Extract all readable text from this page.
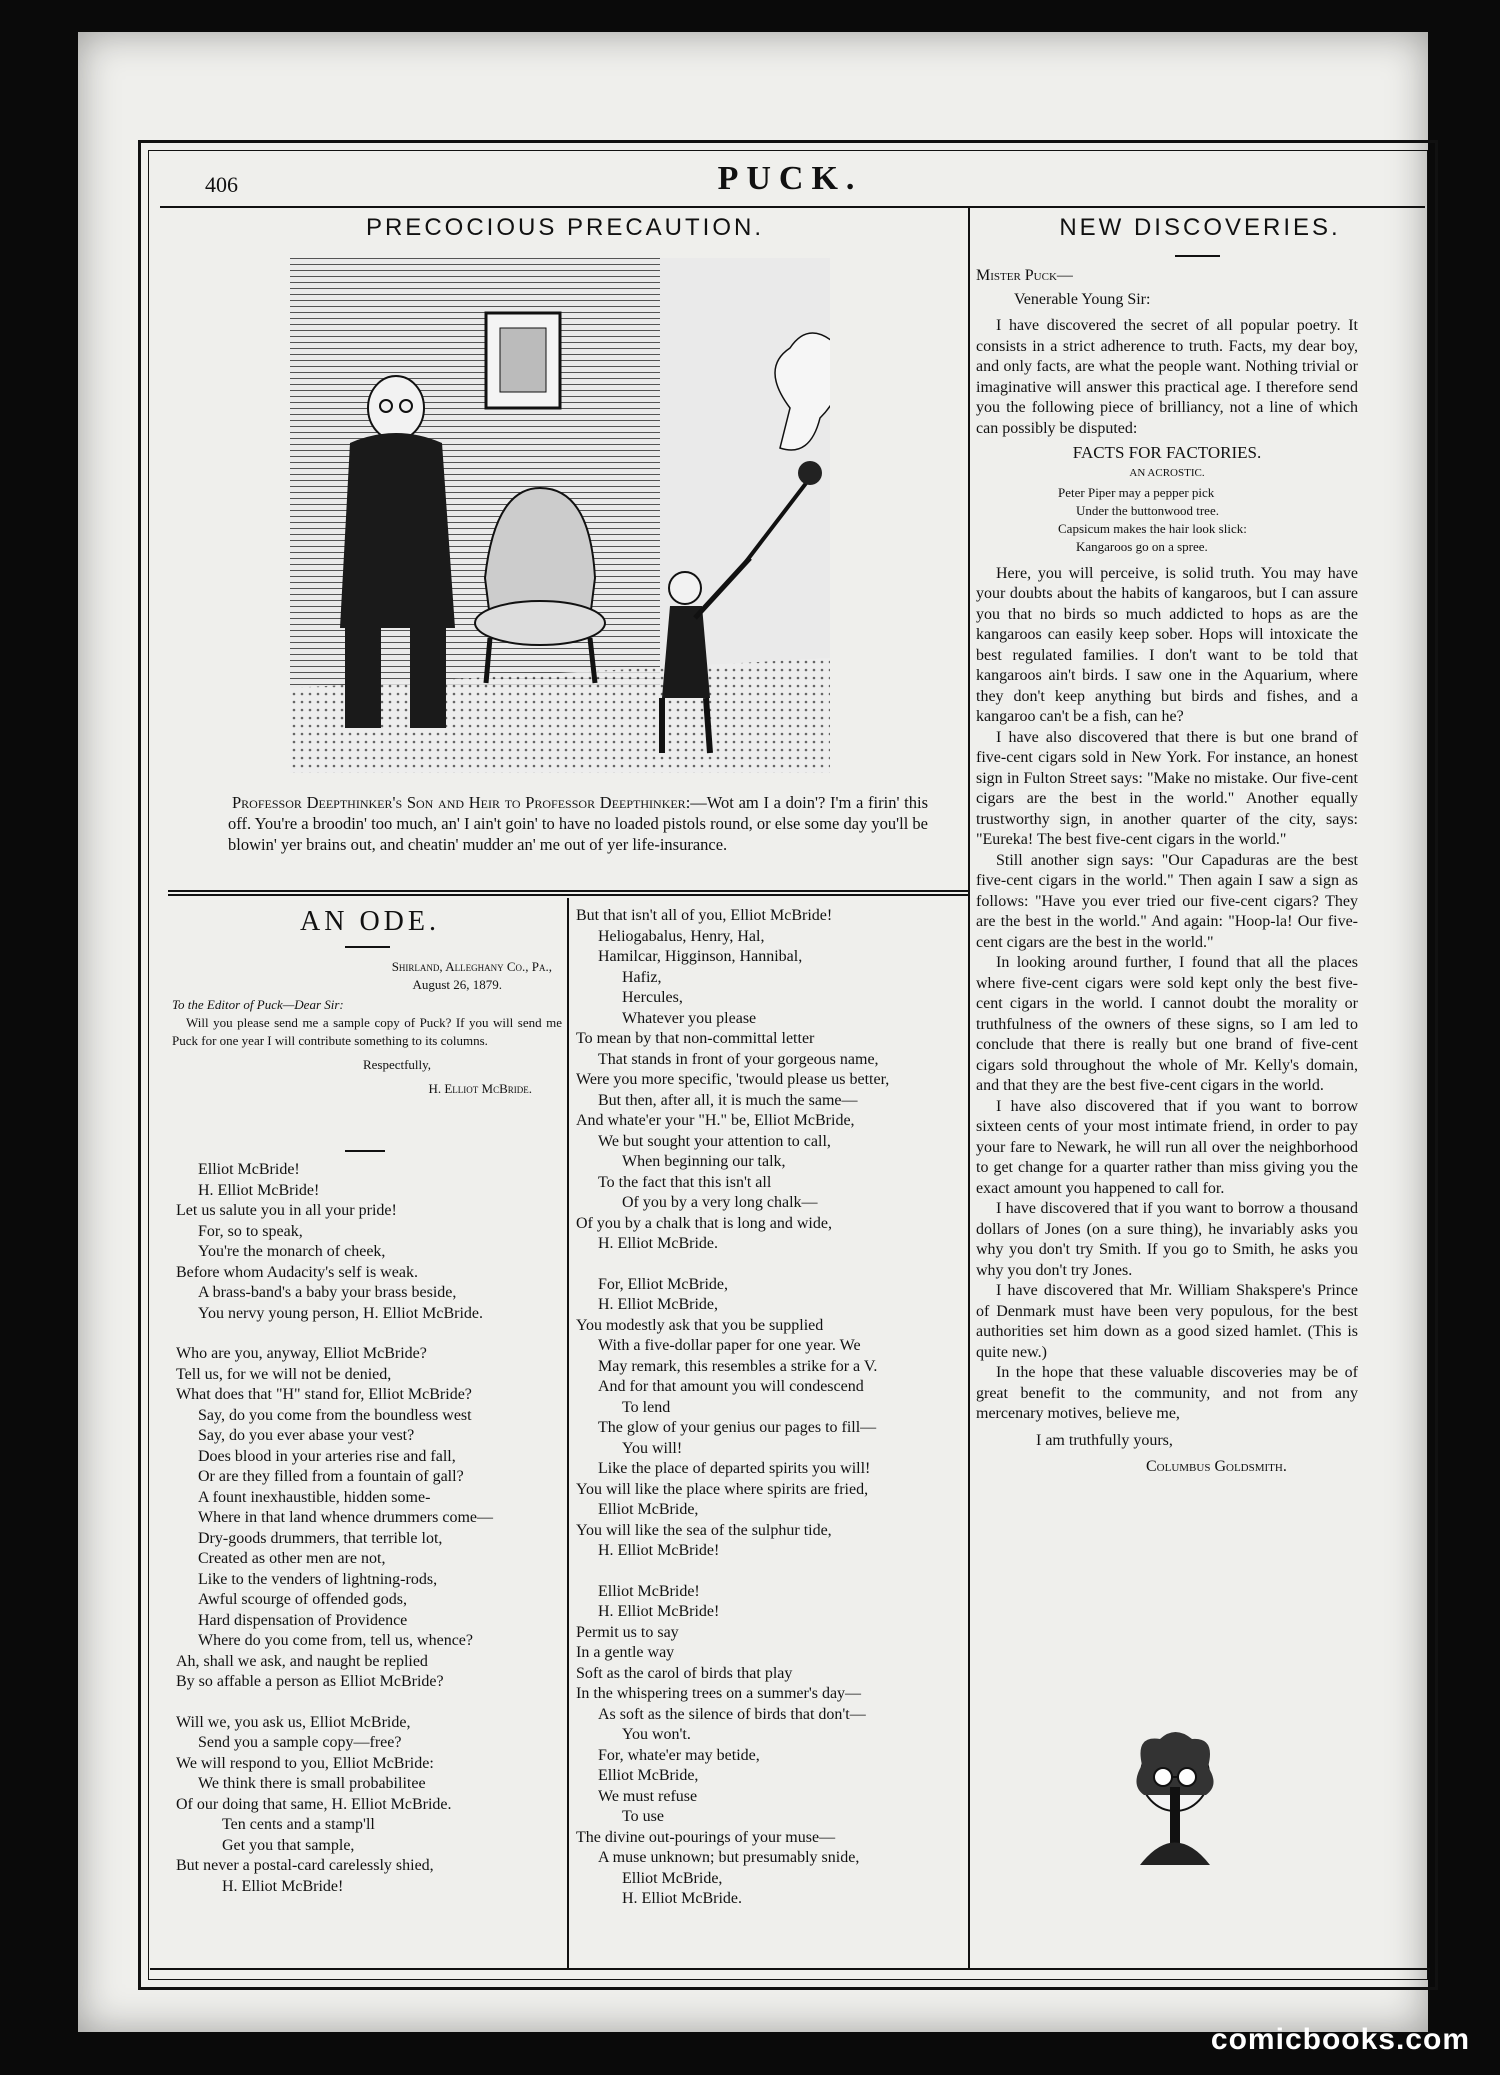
406	PUCK.
PRECOCIOUS PRECAUTION.
Professor Deepthinker's Son and Heir to Professor Deepthinker:—Wot am I a doin'? I'm a firin' this off. You're a broodin' too much, an' I ain't goin' to have no loaded pistols round, or else some day you'll be blowin' yer brains out, and cheatin' mudder an' me out of yer life-insurance.
AN ODE.

Shirland, Alleghany Co., Pa.,

August 26, 1879.

To the Editor of Puck—Dear Sir:

Will you please send me a sample copy of Puck? If you will send me Puck for one year I will contribute something to its columns.

Respectfully,

H. Elliot McBride.

Elliot McBride!

H. Elliot McBride!

Let us salute you in all your pride!

For, so to speak,

You're the monarch of cheek,

Before whom Audacity's self is weak.

A brass-band's a baby your brass beside,

You nervy young person, H. Elliot McBride.

Who are you, anyway, Elliot McBride?

Tell us, for we will not be denied,

What does that "H" stand for, Elliot McBride?

Say, do you come from the boundless west

Say, do you ever abase your vest?

Does blood in your arteries rise and fall,

Or are they filled from a fountain of gall?

A fount inexhaustible, hidden some-

Where in that land whence drummers come—

Dry-goods drummers, that terrible lot,

Created as other men are not,

Like to the venders of lightning-rods,

Awful scourge of offended gods,

Hard dispensation of Providence

Where do you come from, tell us, whence?

Ah, shall we ask, and naught be replied

By so affable a person as Elliot McBride?

Will we, you ask us, Elliot McBride,

Send you a sample copy—free?

We will respond to you, Elliot McBride:

We think there is small probabilitee

Of our doing that same, H. Elliot McBride.

Ten cents and a stamp'll

Get you that sample,

But never a postal-card carelessly shied,

H. Elliot McBride!

But that isn't all of you, Elliot McBride!

Heliogabalus, Henry, Hal,

Hamilcar, Higginson, Hannibal,

Hafiz,

Hercules,

Whatever you please

To mean by that non-committal letter

That stands in front of your gorgeous name,

Were you more specific, 'twould please us better,

But then, after all, it is much the same—

And whate'er your "H." be, Elliot McBride,

We but sought your attention to call,

When beginning our talk,

To the fact that this isn't all

Of you by a very long chalk—

Of you by a chalk that is long and wide,

H. Elliot McBride.

For, Elliot McBride,

H. Elliot McBride,

You modestly ask that you be supplied

With a five-dollar paper for one year. We

May remark, this resembles a strike for a V.

And for that amount you will condescend

To lend

The glow of your genius our pages to fill—

You will!

Like the place of departed spirits you will!

You will like the place where spirits are fried,

Elliot McBride,

You will like the sea of the sulphur tide,

H. Elliot McBride!

Elliot McBride!

H. Elliot McBride!

Permit us to say

In a gentle way

Soft as the carol of birds that play

In the whispering trees on a summer's day—

As soft as the silence of birds that don't—

You won't.

For, whate'er may betide,

Elliot McBride,

We must refuse

To use

The divine out-pourings of your muse—

A muse unknown; but presumably snide,

Elliot McBride,

H. Elliot McBride.

NEW DISCOVERIES.

Mister Puck—

Venerable Young Sir:

I have discovered the secret of all popular poetry. It consists in a strict adherence to truth. Facts, my dear boy, and only facts, are what the people want. Nothing trivial or imaginative will answer this practical age. I therefore send you the following piece of brilliancy, not a line of which can possibly be disputed:

FACTS FOR FACTORIES.

AN ACROSTIC.

Peter Piper may a pepper pick

Under the buttonwood tree.

Capsicum makes the hair look slick:

Kangaroos go on a spree.

Here, you will perceive, is solid truth. You may have your doubts about the habits of kangaroos, but I can assure you that no birds so much addicted to hops as are the kangaroos can easily keep sober. Hops will intoxicate the best regulated families. I don't want to be told that kangaroos ain't birds. I saw one in the Aquarium, where they don't keep anything but birds and fishes, and a kangaroo can't be a fish, can he?

I have also discovered that there is but one brand of five-cent cigars sold in New York. For instance, an honest sign in Fulton Street says: "Make no mistake. Our five-cent cigars are the best in the world." Another equally trustworthy sign, in another quarter of the city, says: "Eureka! The best five-cent cigars in the world."

Still another sign says: "Our Capaduras are the best five-cent cigars in the world." Then again I saw a sign as follows: "Have you ever tried our five-cent cigars? They are the best in the world." And again: "Hoop-la! Our five-cent cigars are the best in the world."

In looking around further, I found that all the places where five-cent cigars were sold kept only the best five-cent cigars in the world. I cannot doubt the morality or truthfulness of the owners of these signs, so I am led to conclude that there is really but one brand of five-cent cigars sold throughout the whole of Mr. Kelly's domain, and that they are the best five-cent cigars in the world.

I have also discovered that if you want to borrow sixteen cents of your most intimate friend, in order to pay your fare to Newark, he will run all over the neighborhood to get change for a quarter rather than miss giving you the exact amount you happened to call for.

I have discovered that if you want to borrow a thousand dollars of Jones (on a sure thing), he invariably asks you why you don't try Smith. If you go to Smith, he asks you why you don't try Jones.

I have discovered that Mr. William Shakspere's Prince of Denmark must have been very populous, for the best authorities set him down as a good sized hamlet. (This is quite new.)

In the hope that these valuable discoveries may be of great benefit to the community, and not from any mercenary motives, believe me,

I am truthfully yours,

Columbus Goldsmith.

comicbooks.com
